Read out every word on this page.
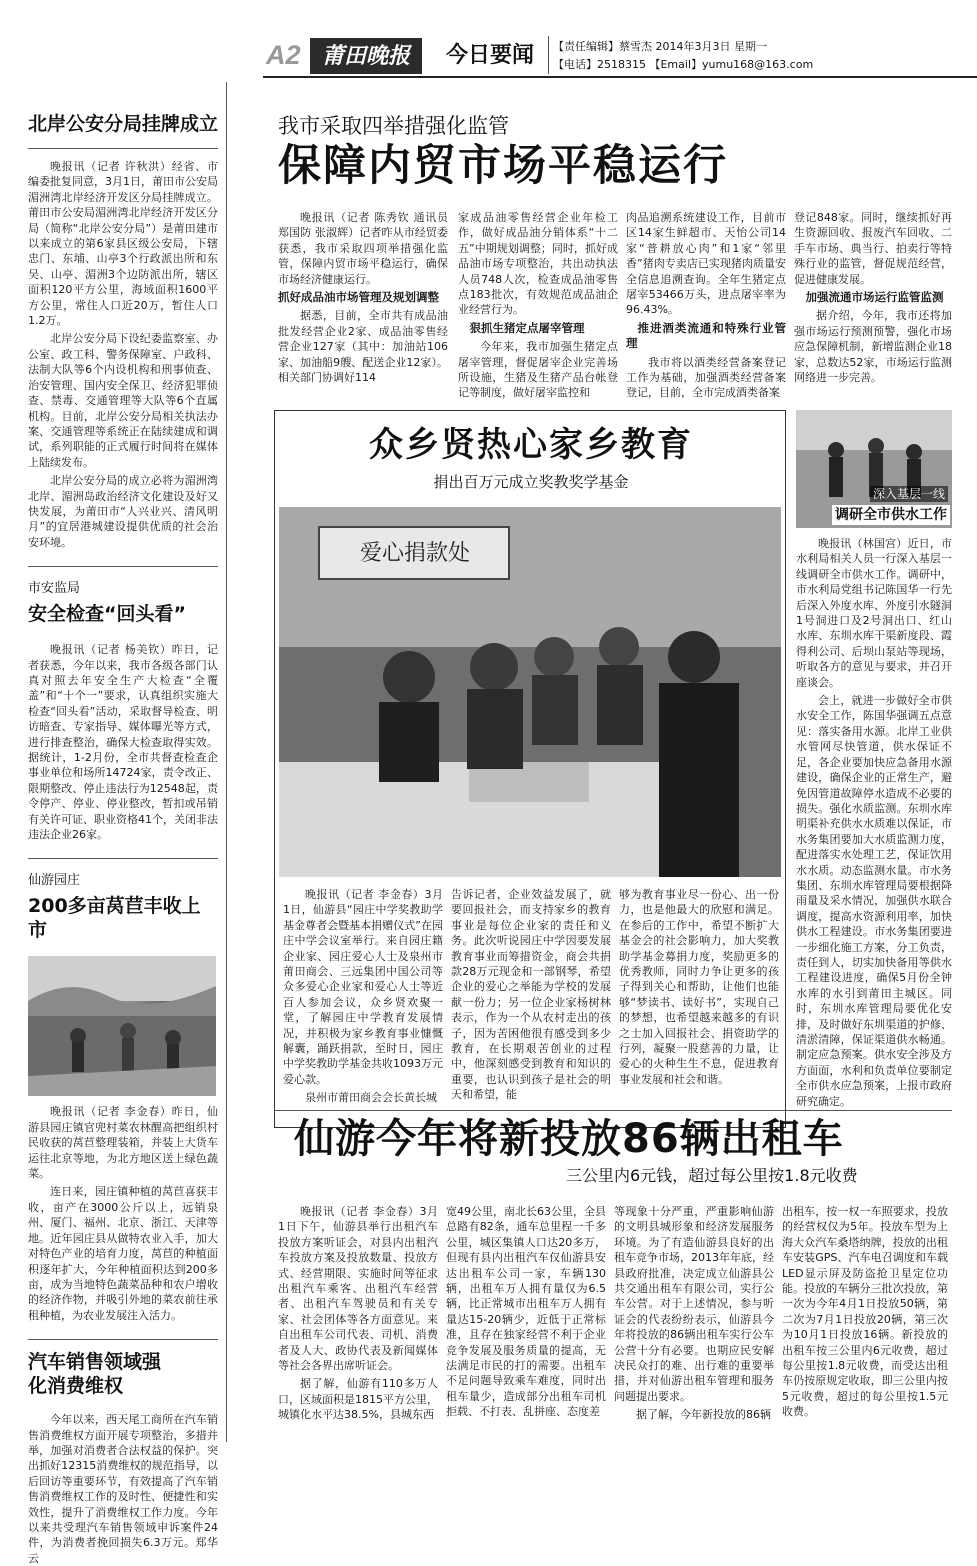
A2 莆田晚报	今日要闻	【责任编辑】蔡雪杰 2014年3月3日 星期一
【电话】2518315 【Email】yumu168@163.com
北岸公安分局挂牌成立

晚报讯（记者 许秋洪）经省、市编委批复同意，3月1日，莆田市公安局湄洲湾北岸经济开发区分局挂牌成立。莆田市公安局湄洲湾北岸经济开发区分局（简称“北岸公安分局”）是莆田建市以来成立的第6家县区级公安局，下辖忠门、东埔、山亭3个行政派出所和东吴、山亭、湄洲3个边防派出所，辖区面积120平方公里，海域面积1600平方公里，常住人口近20万，暂住人口1.2万。

北岸公安分局下设纪委监察室、办公室、政工科、警务保障室、户政科、法制大队等6个内设机构和刑事侦查、治安管理、国内安全保卫、经济犯罪侦查、禁毒、交通管理等大队等6个直属机构。目前，北岸公安分局相关执法办案、交通管理等系统正在陆续建成和调试，系列职能的正式履行时间将在媒体上陆续发布。

北岸公安分局的成立必将为湄洲湾北岸、湄洲岛政治经济文化建设及好又快发展，为莆田市“人兴业兴、清风明月”的宜居港城建设提供优质的社会治安环境。

市安监局
安全检查“回头看”

晚报讯（记者 杨美钦）昨日，记者获悉，今年以来，我市各级各部门认真对照去年安全生产大检查“全覆盖”和“十个一”要求，认真组织实施大检查“回头看”活动，采取督导检查、明访暗查、专家指导、媒体曝光等方式，进行排查整治，确保大检查取得实效。据统计，1-2月份，全市共督查检查企事业单位和场所14724家，责令改正、限期整改、停止违法行为12548起，责令停产、停业、停业整改，暂扣或吊销有关许可证、职业资格41个，关闭非法违法企业26家。

仙游园庄
200多亩莴苣丰收上市

晚报讯（记者 李金春）昨日，仙游县园庄镇官兜村菜农林醒高把组织村民收获的莴苣整理装箱，并装上大货车运往北京等地，为北方地区送上绿色蔬菜。

连日来，园庄镇种植的莴苣喜获丰收，亩产在3000公斤以上，远销泉州、厦门、福州、北京、浙江、天津等地。近年园庄县从做特农业入手，加大对特色产业的培育力度，莴苣的种植面积逐年扩大，今年种植面积达到200多亩，成为当地特色蔬菜品种和农户增收的经济作物，并吸引外地的菜农前往承租种植，为农业发展注入活力。

汽车销售领域强化消费维权

今年以来，西天尾工商所在汽车销售消费维权方面开展专项整治，多措并举，加强对消费者合法权益的保护。突出抓好12315消费维权的规范指导，以后回访等重要环节，有效提高了汽车销售消费维权工作的及时性、便捷性和实效性，提升了消费维权工作力度。今年以来共受理汽车销售领域申诉案件24件，为消费者挽回损失6.3万元。郑华云

我市采取四举措强化监管
保障内贸市场平稳运行

晚报讯（记者 陈秀钦 通讯员 郑国防 张淑辉）记者昨从市经贸委获悉，我市采取四项举措强化监管，保障内贸市场平稳运行，确保市场经济健康运行。

抓好成品油市场管理及规划调整

据悉，目前，全市共有成品油批发经营企业2家、成品油零售经营企业127家（其中：加油站106家、加油船9艘、配送企业12家）。相关部门协调好114

家成品油零售经营企业年检工作，做好成品油分销体系“十二五”中期规划调整；同时，抓好成品油市场专项整治，共出动执法人员748人次，检查成品油零售点183批次，有效规范成品油企业经营行为。

狠抓生猪定点屠宰管理

今年来，我市加强生猪定点屠宰管理，督促屠宰企业完善场所设施，生猪及生猪产品台帐登记等制度，做好屠宰监控和

肉品追溯系统建设工作，目前市区14家生鲜超市、天怡公司14家“普耕放心肉”和1家“邻里香”猪肉专卖店已实现猪肉质量安全信息追溯查询。全年生猪定点屠宰53466万头，进点屠宰率为96.43%。

推进酒类流通和特殊行业管理

我市将以酒类经营备案登记工作为基础，加强酒类经营备案登记，目前，全市完成酒类备案

登记848家。同时，继续抓好再生资源回收、报废汽车回收、二手车市场、典当行、拍卖行等特殊行业的监管，督促规范经营，促进健康发展。

加强流通市场运行监管监测

据介绍，今年，我市还将加强市场运行预测预警，强化市场应急保障机制，新增监测企业18家，总数达52家，市场运行监测网络进一步完善。

众乡贤热心家乡教育
捐出百万元成立奖教奖学基金
爱心捐款处

晚报讯（记者 李金春）3月1日，仙游县“园庄中学奖教助学基金尊者会暨基本捐赠仪式”在园庄中学会议室举行。来自园庄籍企业家、园庄爱心人士及泉州市莆田商会、三远集团中国公司等众多爱心企业家和爱心人士等近百人参加会议，众乡贤欢聚一堂，了解园庄中学教育发展情况，并积极为家乡教育事业慷慨解囊，踊跃捐款，至时日，园庄中学奖教助学基金共收1093万元爱心款。

泉州市莆田商会会长黄长城

告诉记者，企业效益发展了，就要回报社会，而支持家乡的教育事业是每位企业家的责任和义务。此次听说园庄中学因要发展教育事业而筹措资金，商会共捐款28万元现金和一部钢琴，希望企业的爱心之举能为学校的发展献一份力；另一位企业家杨树林表示，作为一个从农村走出的孩子，因为苦困他很有感受到多少教育，在长期艰苦创业的过程中，他深刻感受到教育和知识的重要，也认识到孩子是社会的明天和希望，能

够为教育事业尽一份心、出一份力，也是他最大的欣慰和满足。在参后的工作中，希望不断扩大基金会的社会影响力，加大奖教助学基金募捐力度，奖励更多的优秀教师，同时力争让更多的孩子得到关心和帮助，让他们也能够“梦读书、读好书”，实现自己的梦想，也希望越来越多的有识之士加入回报社会、捐资助学的行列，凝聚一股慈善的力量，让爱心的火种生生不息，促进教育事业发展和社会和谐。

深入基层一线
调研全市供水工作

晚报讯（林国宫）近日，市水利局相关人员一行深入基层一线调研全市供水工作。调研中，市水利局党组书记陈国华一行先后深入外度水库、外度引水隧洞1号洞进口及2号洞出口、红山水库、东圳水库干渠新度段、霞得利公司、后坝山泵站等现场，听取各方的意见与要求，并召开座谈会。

会上，就进一步做好全市供水安全工作，陈国华强调五点意见：落实备用水源。北岸工业供水管网尽快管道，供水保证不足，各企业要加快应急备用水源建设，确保企业的正常生产，避免因管道故障停水造成不必要的损失。强化水质监测。东圳水库明渠补充供水水质难以保证，市水务集团要加大水质监测力度，配进落实水处理工艺，保证饮用水水质。动态监测水量。市水务集团、东圳水库管理局要根据降雨量及采水情况，加强供水联合调度，提高水资源利用率，加快供水工程建设。市水务集团要进一步细化施工方案，分工负责，责任到人，切实加快备用等供水工程建设进度，确保5月份全钟水库的水引到莆田主城区。同时，东圳水库管理局要优化安排，及时做好东圳渠道的护修、清淤清障，保证渠道供水畅通。制定应急预案。供水安全涉及方方面面，水利和负责单位要制定全市供水应急预案，上报市政府研究确定。

仙游今年将新投放86辆出租车
三公里内6元钱，超过每公里按1.8元收费

晚报讯（记者 李金春）3月1日下午，仙游县举行出租汽车投放方案听证会，对县内出租汽车投放方案及投放数量、投放方式、经营期限、实施时间等征求出租汽车乘客、出租汽车经营者、出租汽车驾驶员和有关专家、社会团体等各方面意见。来自出租车公司代表、司机、消费者及人大、政协代表及新闻媒体等社会各界出席听证会。

据了解，仙游有110多万人口，区域面积是1815平方公里，城镇化水平达38.5%，县城东西

宽49公里，南北长63公里，全县总路有82条，通车总里程一千多公里，城区集镇人口达20多万，但现有县内出租汽车仅仙游县安达出租车公司一家，车辆130辆，出租车万人拥有量仅为6.5辆，比正常城市出租车万人拥有量达15-20辆少，近低于正常标准，且存在独家经营不利于企业竞争发展及服务质量的提高，无法满足市民的打的需要。出租车不足问题导致乘车难度，同时出租车量少，造成部分出租车司机拒载、不打表、乱拼座、态度差

等现象十分严重，严重影响仙游的文明县城形象和经济发展服务环境。为了有造仙游县良好的出租车竞争市场，2013年年底，经县政府批准，决定成立仙游县公共交通出租车有限公司，实行公车公营。对于上述情况，参与听证会的代表纷纷表示，仙游县今年将投放的86辆出租车实行公车公营十分有必要。也期应民安解决民众打的难、出行难的重要举措，并对仙游出租车管理和服务问题提出要求。

据了解，今年新投放的86辆

出租车，按一权一车照要求，投放的经营权仅为5年。投放车型为上海大众汽车桑塔纳牌，投放的出租车安装GPS、汽车电召调度和车载LED显示屏及防盗抢卫星定位功能。投放的车辆分三批次投放，第一次为今年4月1日投放50辆，第二次为7月1日投放20辆，第三次为10月1日投放16辆。新投放的出租车按三公里内6元收费，超过每公里按1.8元收费，而受达出租车仍按原规定收取，即三公里内按5元收费，超过的每公里按1.5元收费。
